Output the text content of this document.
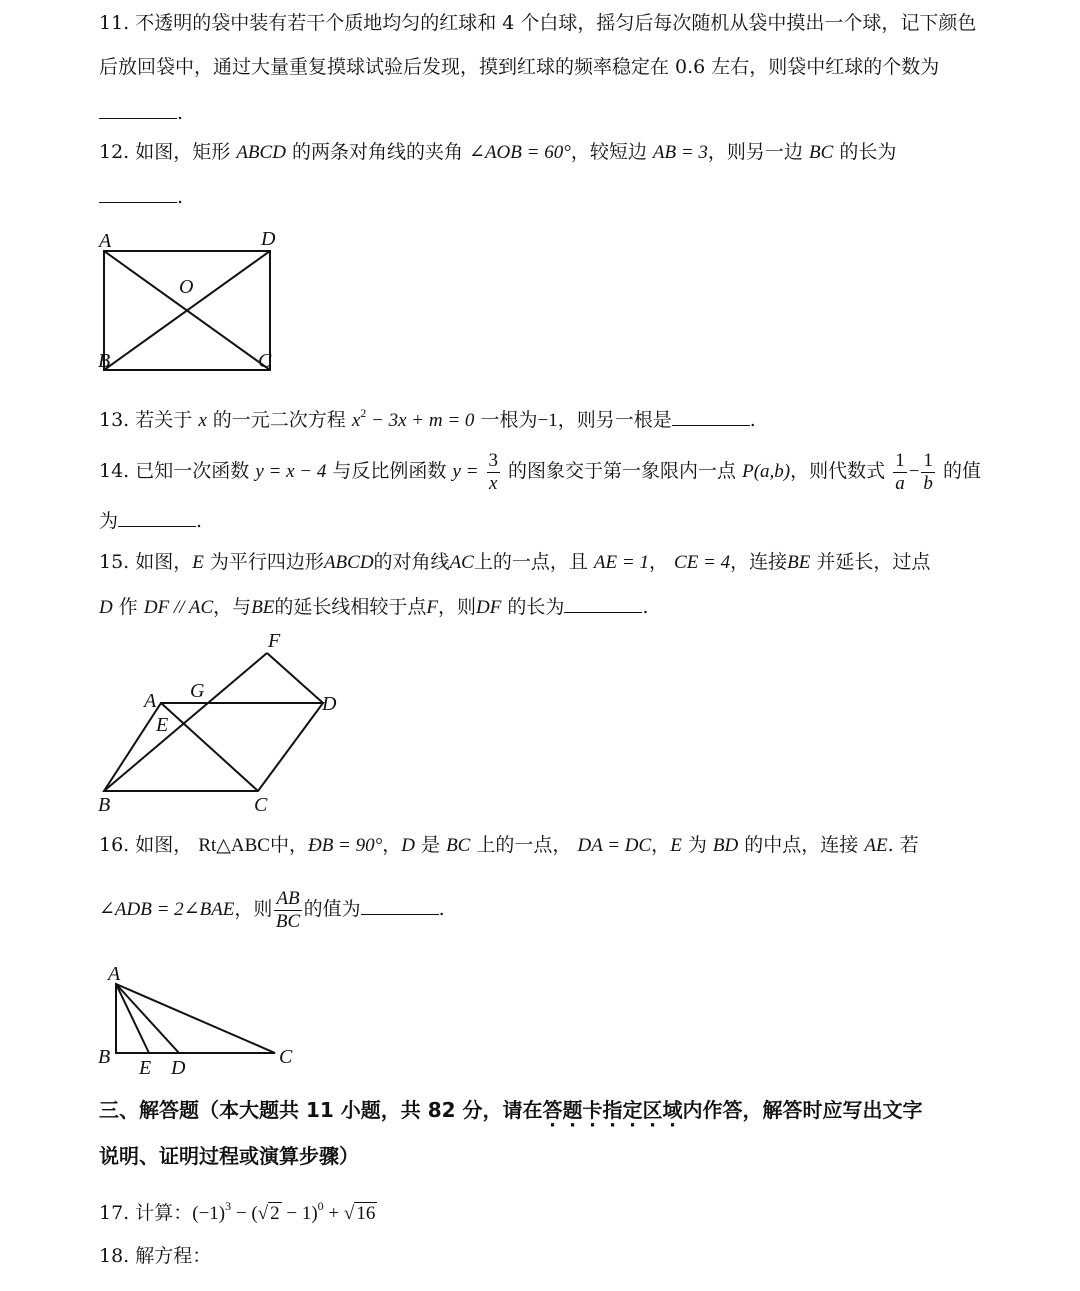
11. 不透明的袋中装有若干个质地均匀的红球和 4 个白球，摇匀后每次随机从袋中摸出一个球，记下颜色
后放回袋中，通过大量重复摸球试验后发现，摸到红球的频率稳定在 0.6 左右，则袋中红球的个数为
.
12. 如图，矩形 ABCD 的两条对角线的夹角 ∠AOB = 60°，较短边 AB = 3，则另一边 BC 的长为
.
A	D
O
B	C
13. 若关于 x 的一元二次方程 $x^2 - 3x + m = 0$ 一根为−1，则另一根是	.
14. 已知一次函数 y = x − 4 与反比例函数 $y = \frac{3}{x}$ 的图象交于第一象限内一点 P(a,b)，则代数式 $\frac{1}{a} - \frac{1}{b}$ 的值
为	.
15. 如图，E 为平行四边形ABCD的对角线AC上的一点，且 AE = 1， CE = 4，连接BE 并延长，过点
D 作 DF // AC，与BE的延长线相较于点F，则DF 的长为	.
F
A G
D
E
B	C
16. 如图， Rt△ABC中，ÐB = 90°，D 是 BC 上的一点， DA = DC，E 为 BD 的中点，连接 AE. 若
∠ADB = 2∠BAE，则 $\frac{AB}{BC}$ 的值为	.
A
B E D	C
三、解答题（本大题共 11 小题，共 82 分，请在答题卡指定区域内作答，解答时应写出文字
说明、证明过程或演算步骤）
17. 计算：$(-1)^3$ − (√ 2 − 1)$^0$ + √ 16
18. 解方程：
